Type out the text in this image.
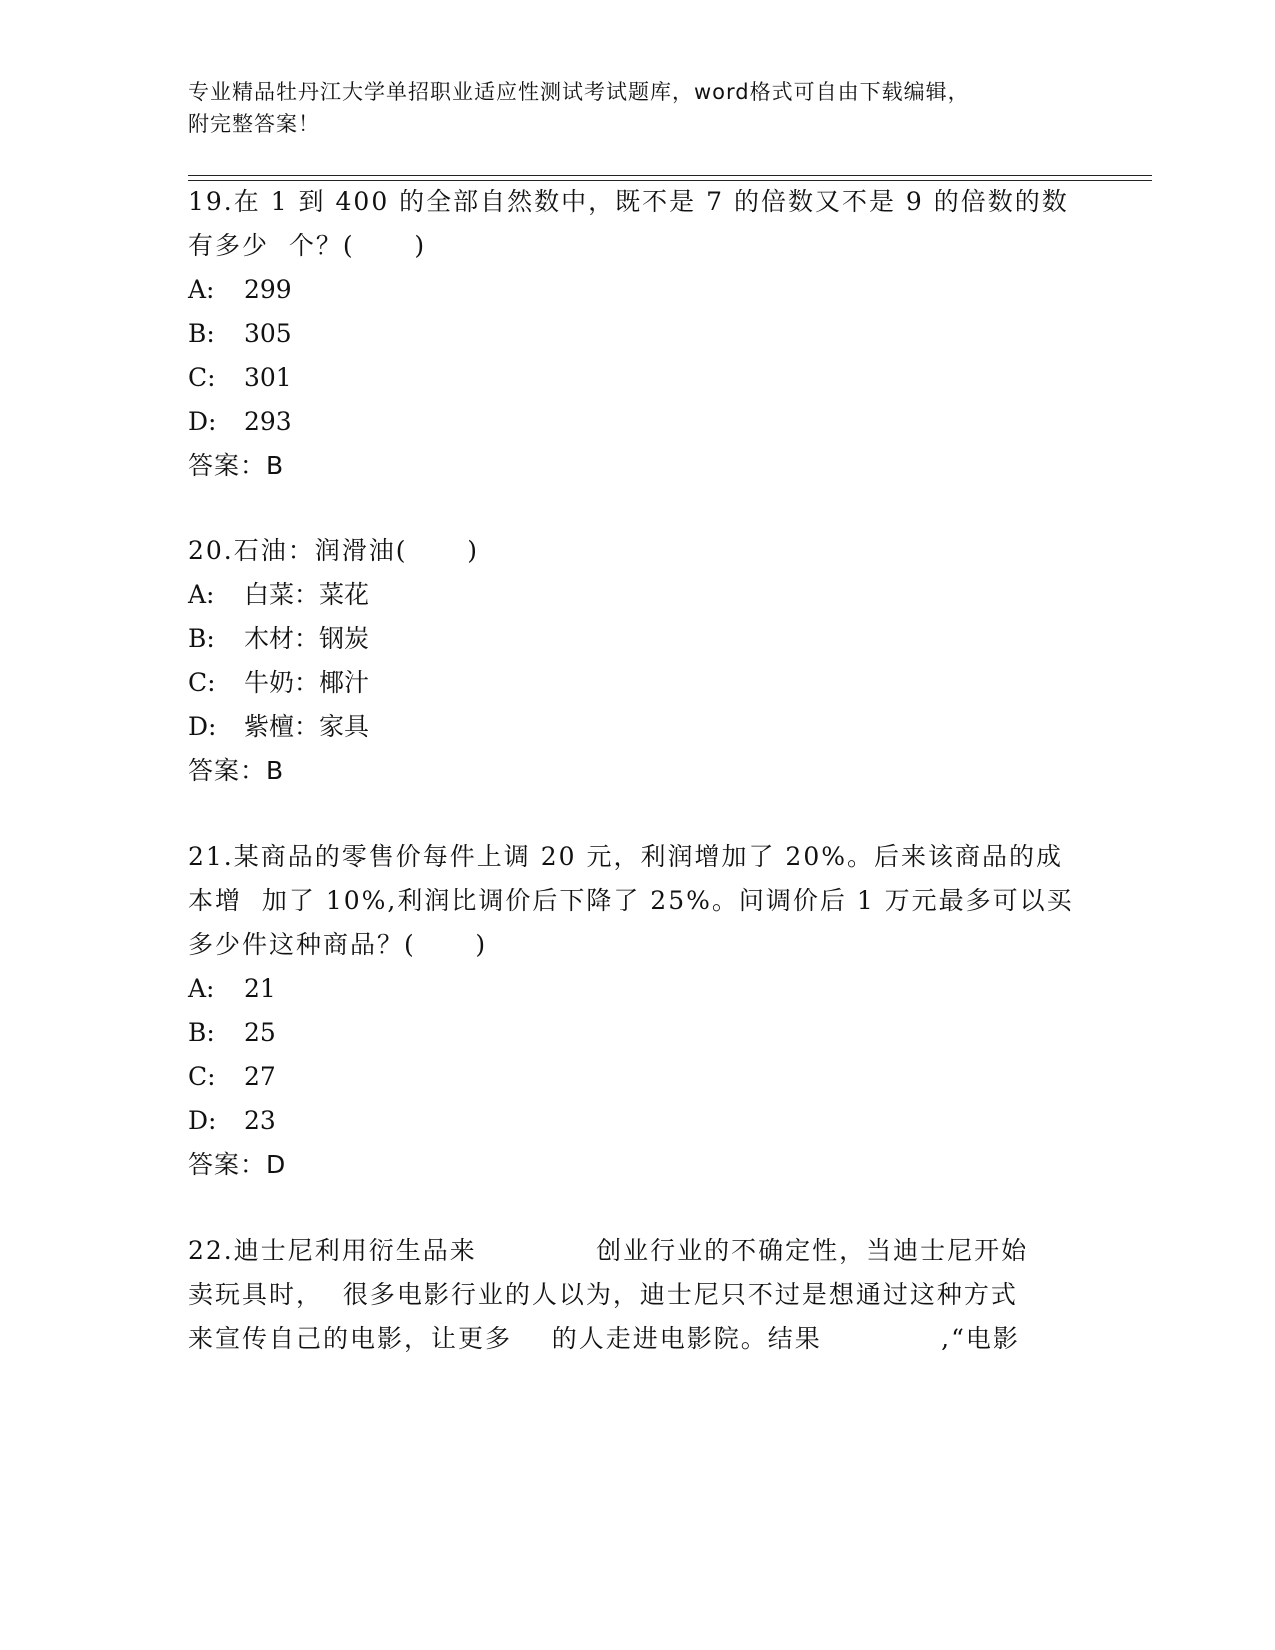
专业精品牡丹江大学单招职业适应性测试考试题库，word格式可自由下载编辑，
附完整答案！
19.在 1 到 400 的全部自然数中，既不是 7 的倍数又不是 9 的倍数的数
有多少  个？(      )
A: 299
B: 305
C: 301
D: 293
答案：B
20.石油：润滑油(      )
A: 白菜：菜花
B: 木材：钢炭
C: 牛奶：椰汁
D: 紫檀：家具
答案：B
21.某商品的零售价每件上调 20 元，利润增加了 20%。后来该商品的成
本增  加了 10%,利润比调价后下降了 25%。问调价后 1 万元最多可以买
多少件这种商品？(      )
A: 21
B: 25
C: 27
D: 23
答案：D
22.迪士尼利用衍生品来            创业行业的不确定性，当迪士尼开始
卖玩具时，  很多电影行业的人以为，迪士尼只不过是想通过这种方式
来宣传自己的电影，让更多    的人走进电影院。结果            ,“电影
